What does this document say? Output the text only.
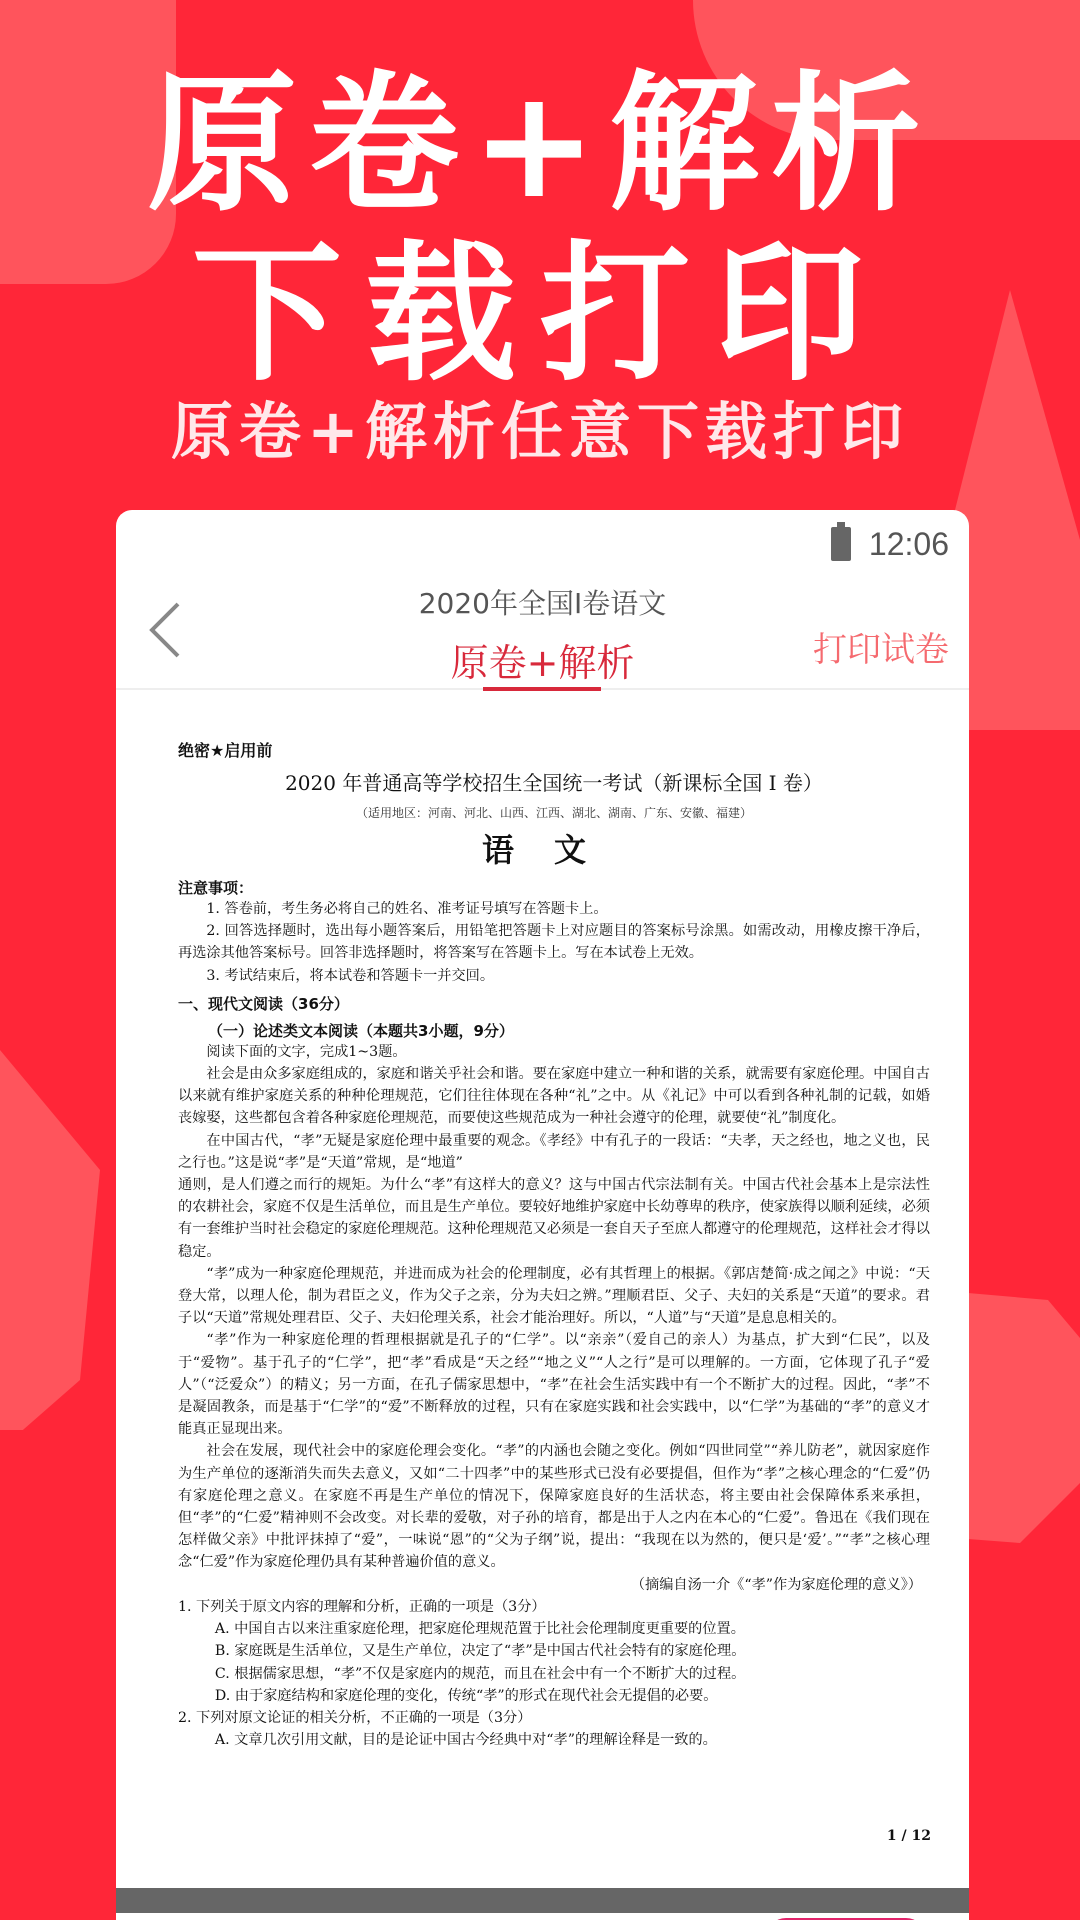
原卷+解析
下载打印
原卷+解析任意下载打印
12:06
2020年全国I卷语文
原卷+解析	打印试卷
绝密★启用前
2020 年普通高等学校招生全国统一考试（新课标全国 I 卷）
（适用地区：河南、河北、山西、江西、湖北、湖南、广东、安徽、福建）
语文
注意事项：

1. 答卷前，考生务必将自己的姓名、准考证号填写在答题卡上。

2. 回答选择题时，选出每小题答案后，用铅笔把答题卡上对应题目的答案标号涂黑。如需改动，用橡皮擦干净后，再选涂其他答案标号。回答非选择题时，将答案写在答题卡上。写在本试卷上无效。

3. 考试结束后，将本试卷和答题卡一并交回。

一、现代文阅读（36分）
（一）论述类文本阅读（本题共3小题，9分）

阅读下面的文字，完成1~3题。

社会是由众多家庭组成的，家庭和谐关乎社会和谐。要在家庭中建立一种和谐的关系，就需要有家庭伦理。中国自古以来就有维护家庭关系的种种伦理规范，它们往往体现在各种“礼”之中。从《礼记》中可以看到各种礼制的记载，如婚丧嫁娶，这些都包含着各种家庭伦理规范，而要使这些规范成为一种社会遵守的伦理，就要使“礼”制度化。

在中国古代，“孝”无疑是家庭伦理中最重要的观念。《孝经》中有孔子的一段话：“夫孝，天之经也，地之义也，民之行也。”这是说“孝”是“天道”常规，是“地道”

通则，是人们遵之而行的规矩。为什么“孝”有这样大的意义？这与中国古代宗法制有关。中国古代社会基本上是宗法性的农耕社会，家庭不仅是生活单位，而且是生产单位。要较好地维护家庭中长幼尊卑的秩序，使家族得以顺利延续，必须有一套维护当时社会稳定的家庭伦理规范。这种伦理规范又必须是一套自天子至庶人都遵守的伦理规范，这样社会才得以稳定。

“孝”成为一种家庭伦理规范，并进而成为社会的伦理制度，必有其哲理上的根据。《郭店楚简·成之闻之》中说：“天登大常，以理人伦，制为君臣之义，作为父子之亲，分为夫妇之辨。”理顺君臣、父子、夫妇的关系是“天道”的要求。君子以“天道”常规处理君臣、父子、夫妇伦理关系，社会才能治理好。所以，“人道”与“天道”是息息相关的。

“孝”作为一种家庭伦理的哲理根据就是孔子的“仁学”。以“亲亲”（爱自己的亲人）为基点，扩大到“仁民”，以及于“爱物”。基于孔子的“仁学”，把“孝”看成是“天之经”“地之义”“人之行”是可以理解的。一方面，它体现了孔子“爱人”（“泛爱众”）的精义；另一方面，在孔子儒家思想中，“孝”在社会生活实践中有一个不断扩大的过程。因此，“孝”不是凝固教条，而是基于“仁学”的“爱”不断释放的过程，只有在家庭实践和社会实践中，以“仁学”为基础的“孝”的意义才能真正显现出来。

社会在发展，现代社会中的家庭伦理会变化。“孝”的内涵也会随之变化。例如“四世同堂”“养儿防老”，就因家庭作为生产单位的逐渐消失而失去意义，又如“二十四孝”中的某些形式已没有必要提倡，但作为“孝”之核心理念的“仁爱”仍有家庭伦理之意义。在家庭不再是生产单位的情况下，保障家庭良好的生活状态，将主要由社会保障体系来承担，但“孝”的“仁爱”精神则不会改变。对长辈的爱敬，对子孙的培育，都是出于人之内在本心的“仁爱”。鲁迅在《我们现在怎样做父亲》中批评抹掉了“爱”，一味说“恩”的“父为子纲”说，提出：“我现在以为然的，便只是‘爱’。”“孝”之核心理念“仁爱”作为家庭伦理仍具有某种普遍价值的意义。

（摘编自汤一介《“孝”作为家庭伦理的意义》）

1. 下列关于原文内容的理解和分析，正确的一项是（3分）

A. 中国自古以来注重家庭伦理，把家庭伦理规范置于比社会伦理制度更重要的位置。

B. 家庭既是生活单位，又是生产单位，决定了“孝”是中国古代社会特有的家庭伦理。

C. 根据儒家思想，“孝”不仅是家庭内的规范，而且在社会中有一个不断扩大的过程。

D. 由于家庭结构和家庭伦理的变化，传统“孝”的形式在现代社会无提倡的必要。

2. 下列对原文论证的相关分析，不正确的一项是（3分）

A. 文章几次引用文献，目的是论证中国古今经典中对“孝”的理解诠释是一致的。

1 / 12
